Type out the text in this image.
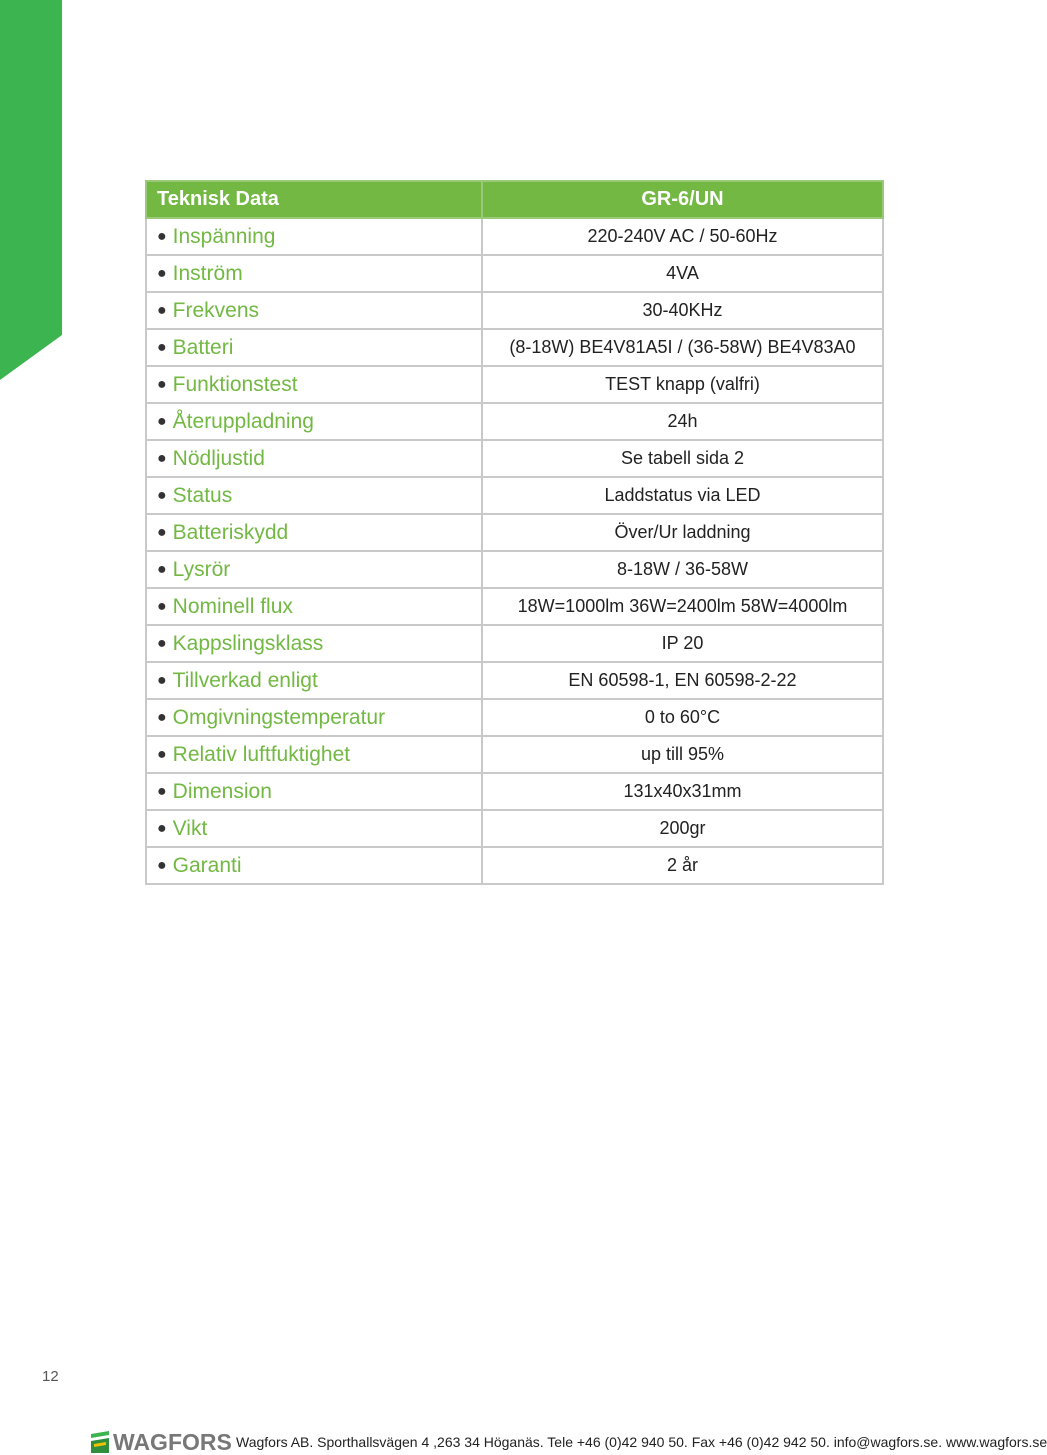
Teknisk Data	GR-6/UN
● Inspänning	220-240V AC / 50-60Hz
● Inström	4VA
● Frekvens	30-40KHz
● Batteri	(8-18W) BE4V81A5I / (36-58W) BE4V83A0
● Funktionstest	TEST knapp (valfri)
● Återuppladning	24h
● Nödljustid	Se tabell sida 2
● Status	Laddstatus via LED
● Batteriskydd	Över/Ur laddning
● Lysrör	8-18W / 36-58W
● Nominell flux	18W=1000lm 36W=2400lm 58W=4000lm
● Kappslingsklass	IP 20
● Tillverkad enligt	EN 60598-1, EN 60598-2-22
● Omgivningstemperatur	0 to 60°C
● Relativ luftfuktighet	up till 95%
● Dimension	131x40x31mm
● Vikt	200gr
● Garanti	2 år
12
WAGFORS Wagfors AB. Sporthallsvägen 4 ,263 34 Höganäs. Tele +46 (0)42 940 50. Fax +46 (0)42 942 50. info@wagfors.se. www.wagfors.se
